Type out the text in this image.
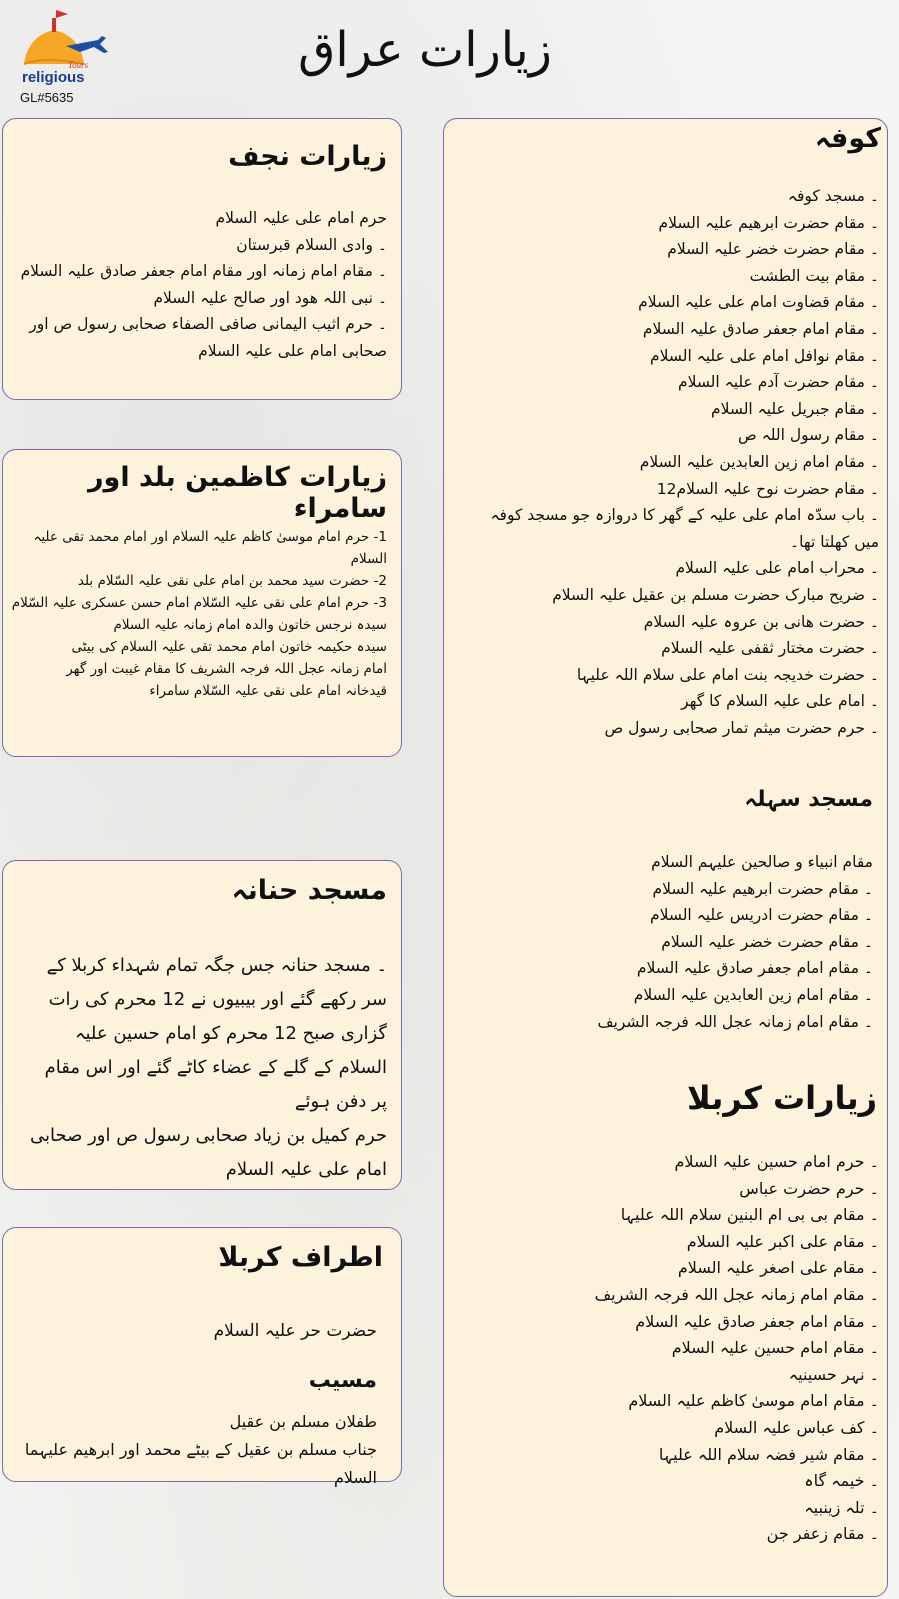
Tours
religious
GL#5635
زیارات عراق
زیارات نجف
حرم امام علی علیہ السلام
۔ وادی السلام قبرستان
۔ مقام امام زمانہ اور مقام امام جعفر صادق علیہ السلام
۔ نبی اللہ ھود اور صالح علیہ السلام
۔ حرم اثیب الیمانی صافی الصفاء صحابی رسول ص اور صحابی امام علی علیہ السلام
زیارات کاظمین بلد اور سامراء
1- حرم امام موسیٰ کاظم علیہ السلام اور امام محمد تقی علیہ السلام
2- حضرت سید محمد بن امام علی نقی علیہ السّلام بلد
3- حرم امام علی نقی علیہ السّلام امام حسن عسکری علیہ السّلام
سیدہ نرجس خاتون والدہ امام زمانہ علیہ السلام
سیدہ حکیمہ خاتون امام محمد تقی علیہ السلام کی بیٹی
امام زمانہ عجل اللہ فرجہ الشریف کا مقام غیبت اور گھر
قیدخانہ امام علی نقی علیہ السّلام سامراء
مسجد حنانہ

۔ مسجد حنانہ جس جگہ تمام شہداء کربلا کے سر رکھے گئے اور بیبیوں نے 12 محرم کی رات گزاری صبح 12 محرم کو امام حسین علیہ السلام کے گلے کے عضاء کاٹے گئے اور اس مقام پر دفن ہوئے

حرم کمیل بن زیاد صحابی رسول ص اور صحابی امام علی علیہ السلام

اطراف کربلا

حضرت حر علیہ السلام

مسیب
طفلان مسلم بن عقیل
جناب مسلم بن عقیل کے بیٹے محمد اور ابرھیم علیہما السلام
کوفہ
۔ مسجد کوفہ
۔ مقام حضرت ابرھیم علیہ السلام
۔ مقام حضرت خضر علیہ السلام
۔ مقام بیت الطشت
۔ مقام قضاوت امام علی علیہ السلام
۔ مقام امام جعفر صادق علیہ السلام
۔ مقام نوافل امام علی علیہ السلام
۔ مقام حضرت آدم علیہ السلام
۔ مقام جبریل علیہ السلام
۔ مقام رسول اللہ ص
۔ مقام امام زین العابدین علیہ السلام
۔ مقام حضرت نوح علیہ السلام12
۔ باب سدّہ امام علی علیہ کے گھر کا دروازہ جو مسجد کوفہ میں کھلتا تھا۔
۔ محراب امام علی علیہ السلام
۔ ضریح مبارک حضرت مسلم بن عقیل علیہ السلام
۔ حضرت ھانی بن عروہ علیہ السلام
۔ حضرت مختار ثقفی علیہ السلام
۔ حضرت خدیجہ بنت امام علی سلام اللہ علیہا
۔ امام علی علیہ السلام کا گھر
۔ حرم حضرت میثم تمار صحابی رسول ص
مسجد سہلہ
مقام انبیاء و صالحین علیہم السلام
۔ مقام حضرت ابرھیم علیہ السلام
۔ مقام حضرت ادریس علیہ السلام
۔ مقام حضرت خضر علیہ السلام
۔ مقام امام جعفر صادق علیہ السلام
۔ مقام امام زین العابدین علیہ السلام
۔ مقام امام زمانہ عجل اللہ فرجہ الشریف
زیارات کربلا
۔ حرم امام حسین علیہ السلام
۔ حرم حضرت عباس
۔ مقام بی بی ام البنین سلام اللہ علیہا
۔ مقام علی اکبر علیہ السلام
۔ مقام علی اصغر علیہ السلام
۔ مقام امام زمانہ عجل اللہ فرجہ الشریف
۔ مقام امام جعفر صادق علیہ السلام
۔ مقام امام حسین علیہ السلام
۔ نہر حسینیہ
۔ مقام امام موسیٰ کاظم علیہ السلام
۔ کف عباس علیہ السلام
۔ مقام شیر فضہ سلام اللہ علیہا
۔ خیمہ گاہ
۔ تلہ زینبیہ
۔ مقام زعفر جن
